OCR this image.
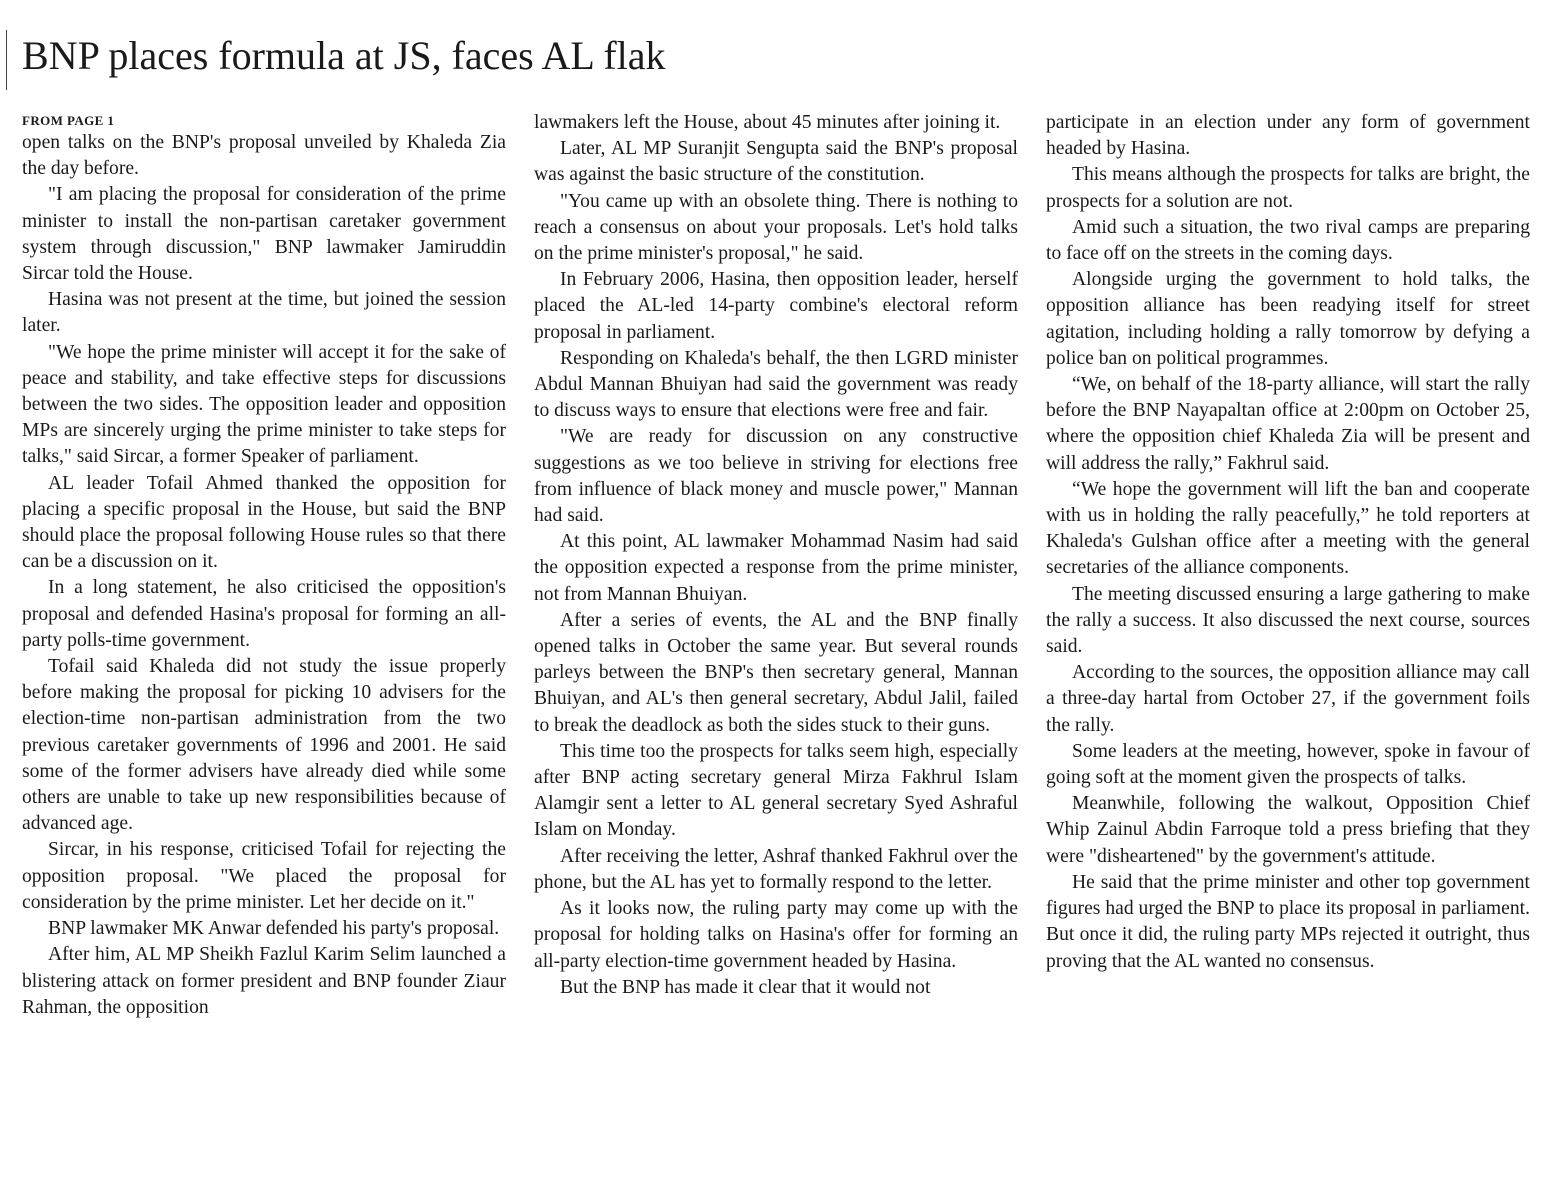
BNP places formula at JS, faces AL flak
FROM PAGE 1

open talks on the BNP's proposal unveiled by Khaleda Zia the day before.

"I am placing the proposal for consideration of the prime minister to install the non-partisan caretaker government system through discussion," BNP lawmaker Jamiruddin Sircar told the House.

Hasina was not present at the time, but joined the session later.

"We hope the prime minister will accept it for the sake of peace and stability, and take effective steps for discussions between the two sides. The opposition leader and opposition MPs are sincerely urging the prime minister to take steps for talks," said Sircar, a former Speaker of parliament.

AL leader Tofail Ahmed thanked the opposition for placing a specific proposal in the House, but said the BNP should place the proposal following House rules so that there can be a discussion on it.

In a long statement, he also criticised the opposition's proposal and defended Hasina's proposal for forming an all-party polls-time government.

Tofail said Khaleda did not study the issue properly before making the proposal for picking 10 advisers for the election-time non-partisan administration from the two previous caretaker governments of 1996 and 2001. He said some of the former advisers have already died while some others are unable to take up new responsibilities because of advanced age.

Sircar, in his response, criticised Tofail for rejecting the opposition proposal. "We placed the proposal for consideration by the prime minister. Let her decide on it."

BNP lawmaker MK Anwar defended his party's proposal.

After him, AL MP Sheikh Fazlul Karim Selim launched a blistering attack on former president and BNP founder Ziaur Rahman, the opposition

lawmakers left the House, about 45 minutes after joining it.

Later, AL MP Suranjit Sengupta said the BNP's proposal was against the basic structure of the constitution.

"You came up with an obsolete thing. There is nothing to reach a consensus on about your proposals. Let's hold talks on the prime minister's proposal," he said.

In February 2006, Hasina, then opposition leader, herself placed the AL-led 14-party combine's electoral reform proposal in parliament.

Responding on Khaleda's behalf, the then LGRD minister Abdul Mannan Bhuiyan had said the government was ready to discuss ways to ensure that elections were free and fair.

"We are ready for discussion on any constructive suggestions as we too believe in striving for elections free from influence of black money and muscle power," Mannan had said.

At this point, AL lawmaker Mohammad Nasim had said the opposition expected a response from the prime minister, not from Mannan Bhuiyan.

After a series of events, the AL and the BNP finally opened talks in October the same year. But several rounds parleys between the BNP's then secretary general, Mannan Bhuiyan, and AL's then general secretary, Abdul Jalil, failed to break the deadlock as both the sides stuck to their guns.

This time too the prospects for talks seem high, especially after BNP acting secretary general Mirza Fakhrul Islam Alamgir sent a letter to AL general secretary Syed Ashraful Islam on Monday.

After receiving the letter, Ashraf thanked Fakhrul over the phone, but the AL has yet to formally respond to the letter.

As it looks now, the ruling party may come up with the proposal for holding talks on Hasina's offer for forming an all-party election-time government headed by Hasina.

But the BNP has made it clear that it would not

participate in an election under any form of government headed by Hasina.

This means although the prospects for talks are bright, the prospects for a solution are not.

Amid such a situation, the two rival camps are preparing to face off on the streets in the coming days.

Alongside urging the government to hold talks, the opposition alliance has been readying itself for street agitation, including holding a rally tomorrow by defying a police ban on political programmes.

“We, on behalf of the 18-party alliance, will start the rally before the BNP Nayapaltan office at 2:00pm on October 25, where the opposition chief Khaleda Zia will be present and will address the rally,” Fakhrul said.

“We hope the government will lift the ban and cooperate with us in holding the rally peacefully,” he told reporters at Khaleda's Gulshan office after a meeting with the general secretaries of the alliance components.

The meeting discussed ensuring a large gathering to make the rally a success. It also discussed the next course, sources said.

According to the sources, the opposition alliance may call a three-day hartal from October 27, if the government foils the rally.

Some leaders at the meeting, however, spoke in favour of going soft at the moment given the prospects of talks.

Meanwhile, following the walkout, Opposition Chief Whip Zainul Abdin Farroque told a press briefing that they were "disheartened" by the government's attitude.

He said that the prime minister and other top government figures had urged the BNP to place its proposal in parliament. But once it did, the ruling party MPs rejected it outright, thus proving that the AL wanted no consensus.
